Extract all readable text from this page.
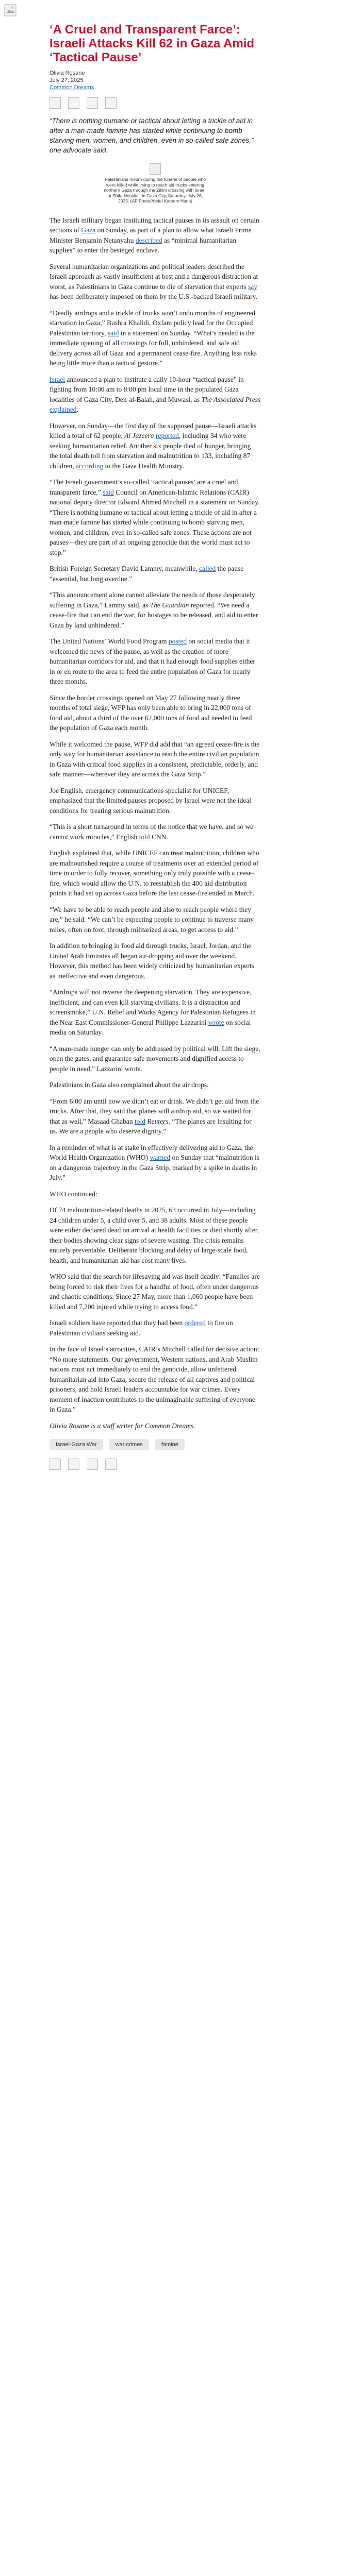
‘A Cruel and Transparent Farce’: Israeli Attacks Kill 62 in Gaza Amid ‘Tactical Pause’
Olivia Rosane
July 27, 2025
Common Dreams
“There is nothing humane or tactical about letting a trickle of aid in after a man-made famine has started while continuing to bomb starving men, women, and children, even in so-called safe zones,” one advocate said.
Palestinians mourn during the funeral of people who were killed while trying to reach aid trucks entering northern Gaza through the Zikim crossing with Israel, at Shifa Hospital, in Gaza City, Saturday, July 26, 2025. (AP Photo/Abdel Kareem Hana)

The Israeli military began instituting tactical pauses in its assault on certain sections of Gaza on Sunday, as part of a plan to allow what Israeli Prime Minister Benjamin Netanyahu described as “minimal humanitarian supplies” to enter the besieged enclave.

Several humanitarian organizations and political leaders described the Israeli approach as vastly insufficient at best and a dangerous distraction at worst, as Palestinians in Gaza continue to die of starvation that experts say has been deliberately imposed on them by the U.S.-backed Israeli military.

“Deadly airdrops and a trickle of trucks won’t undo months of engineered starvation in Gaza,” Bushra Khalidi, Oxfam policy lead for the Occupied Palestinian territory, said in a statement on Sunday. “What’s needed is the immediate opening of all crossings for full, unhindered, and safe aid delivery across all of Gaza and a permanent cease-fire. Anything less risks being little more than a tactical gesture.”

Israel announced a plan to institute a daily 10-hour “tactical pause” in fighting from 10:00 am to 8:00 pm local time in the populated Gaza localities of Gaza City, Deir al-Balah, and Muwasi, as The Associated Press explained.

However, on Sunday—the first day of the supposed pause—Israeli attacks killed a total of 62 people, Al Jazeera reported, including 34 who were seeking humanitarian relief. Another six people died of hunger, bringing the total death toll from starvation and malnutrition to 133, including 87 children, according to the Gaza Health Ministry.

“The Israeli government’s so-called ‘tactical pauses’ are a cruel and transparent farce,” said Council on American-Islamic Relations (CAIR) national deputy director Edward Ahmed Mitchell in a statement on Sunday. “There is nothing humane or tactical about letting a trickle of aid in after a man-made famine has started while continuing to bomb starving men, women, and children, even in so-called safe zones. These actions are not pauses—they are part of an ongoing genocide that the world must act to stop.”

British Foreign Secretary David Lammy, meanwhile, called the pause “essential, but long overdue.”

“This announcement alone cannot alleviate the needs of those desperately suffering in Gaza,” Lammy said, as The Guardian reported. “We need a cease-fire that can end the war, for hostages to be released, and aid to enter Gaza by land unhindered.”

The United Nations’ World Food Program posted on social media that it welcomed the news of the pause, as well as the creation of more humanitarian corridors for aid, and that it had enough food supplies either in or en route to the area to feed the entire population of Gaza for nearly three months.

Since the border crossings opened on May 27 following nearly three months of total siege, WFP has only been able to bring in 22,000 tons of food aid, about a third of the over 62,000 tons of food aid needed to feed the population of Gaza each month.

While it welcomed the pause, WFP did add that “an agreed cease-fire is the only way for humanitarian assistance to reach the entire civilian population in Gaza with critical food supplies in a consistent, predictable, orderly, and safe manner—wherever they are across the Gaza Strip.”

Joe English, emergency communications specialist for UNICEF, emphasized that the limited pauses proposed by Israel were not the ideal conditions for treating serious malnutrition.

“This is a short turnaround in terms of the notice that we have, and so we cannot work miracles,” English told CNN.

English explained that, while UNICEF can treat malnutrition, children who are malnourished require a course of treatments over an extended period of time in order to fully recover, something only truly possible with a cease-fire, which would allow the U.N. to reestablish the 400 aid distribution points it had set up across Gaza before the last cease-fire ended in March.

“We have to be able to reach people and also to reach people where they are,” he said. “We can’t be expecting people to continue to traverse many miles, often on foot, through militarized areas, to get access to aid.”

In addition to bringing in food aid through trucks, Israel, Jordan, and the United Arab Emirates all began air-dropping aid over the weekend. However, this method has been widely criticized by humanitarian experts as ineffective and even dangerous.

“Airdrops will not reverse the deepening starvation. They are expensive, inefficient, and can even kill starving civilians. It is a distraction and screensmoke,” U.N. Relief and Works Agency for Palestinian Refugees in the Near East Commissioner-General Philippe Lazzarini wrote on social media on Saturday.

“A man-made hunger can only be addressed by political will. Lift the siege, open the gates, and guarantee safe movements and dignified access to people in need,” Lazzarini wrote.

Palestinians in Gaza also complained about the air drops.

“From 6:00 am until now we didn’t eat or drink. We didn’t get aid from the trucks. After that, they said that planes will airdrop aid, so we waited for that as well,” Masaad Ghaban told Reuters. “The planes are insulting for us. We are a people who deserve dignity.”

In a reminder of what is at stake in effectively delivering aid to Gaza, the World Health Organization (WHO) warned on Sunday that “malnutrition is on a dangerous trajectory in the Gaza Strip, marked by a spike in deaths in July.”

WHO continued:

Of 74 malnutrition-related deaths in 2025, 63 occurred in July—including 24 children under 5, a child over 5, and 38 adults. Most of these people were either declared dead on arrival at health facilities or died shortly after, their bodies showing clear signs of severe wasting. The crisis remains entirely preventable. Deliberate blocking and delay of large-scale food, health, and humanitarian aid has cost many lives.

WHO said that the search for lifesaving aid was itself deadly: “Families are being forced to risk their lives for a handful of food, often under dangerous and chaotic conditions. Since 27 May, more than 1,060 people have been killed and 7,200 injured while trying to access food.”

Israeli soldiers have reported that they had been ordered to fire on Palestinian civilians seeking aid.

In the face of Israel’s atrocities, CAIR’s Mitchell called for decisive action: “No more statements. Our government, Western nations, and Arab Muslim nations must act immediately to end the genocide, allow unfettered humanitarian aid into Gaza, secure the release of all captives and political prisoners, and hold Israeli leaders accountable for war crimes. Every moment of inaction contributes to the unimaginable suffering of everyone in Gaza.”

Olivia Rosane is a staff writer for Common Dreams.

Israel-Gaza War	war crimes	famine
